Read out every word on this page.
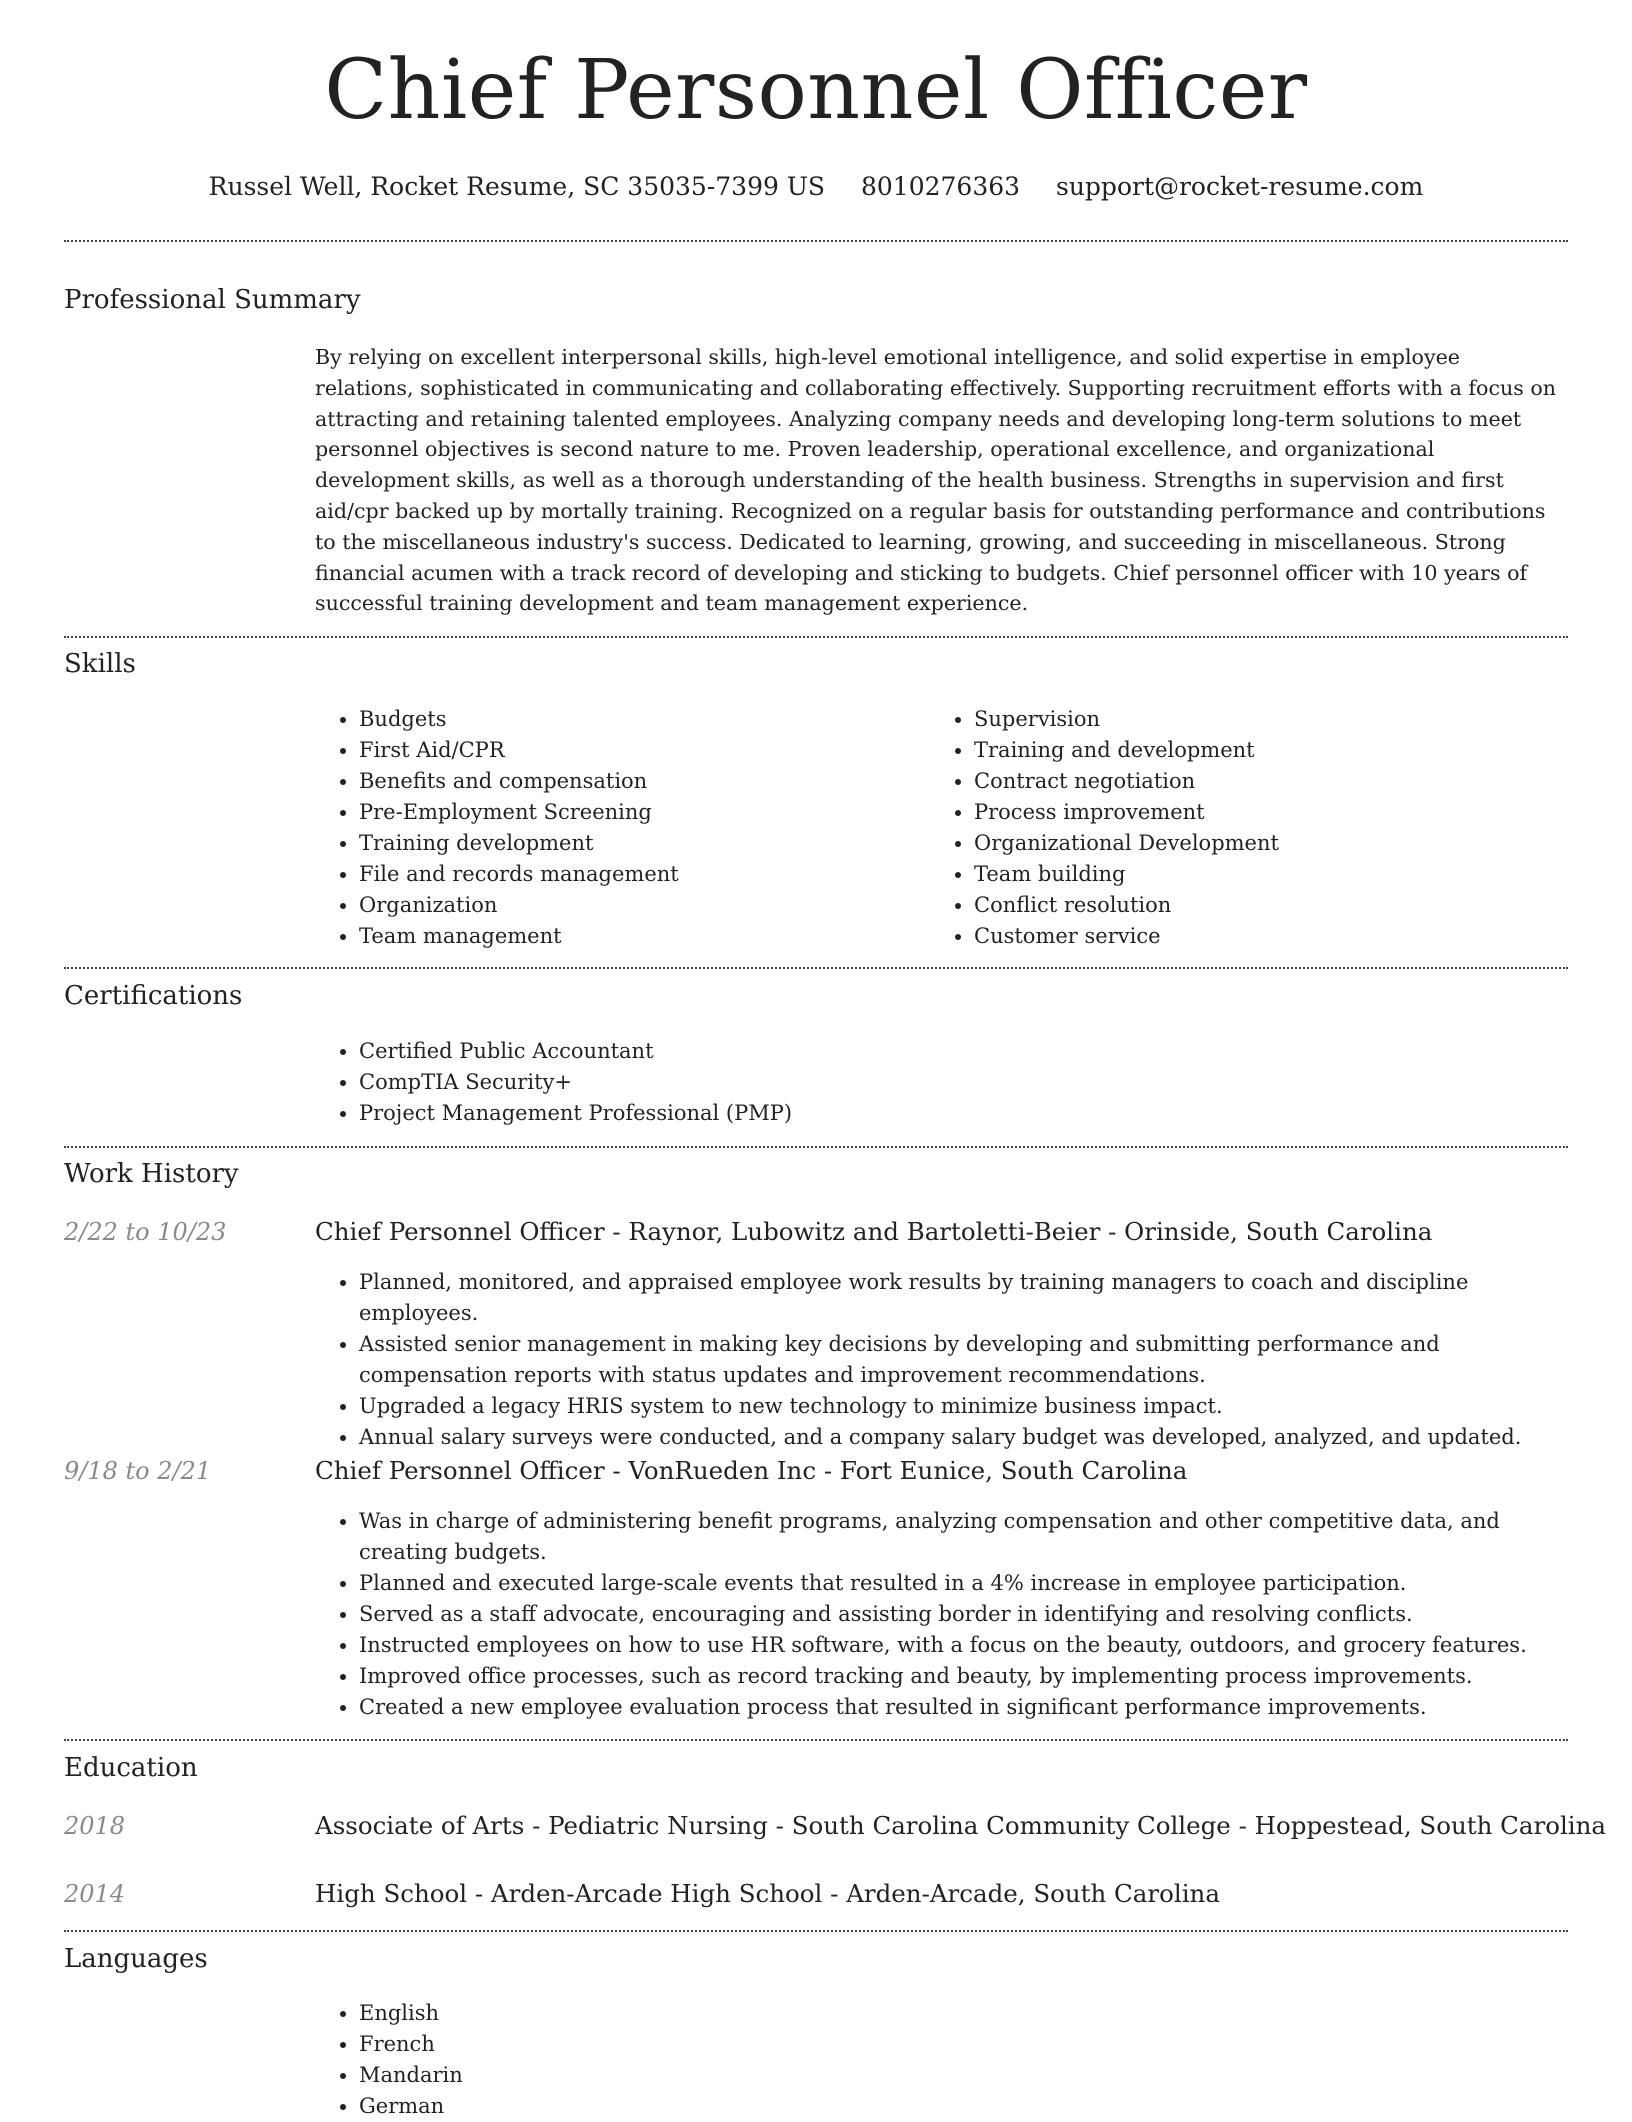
Chief Personnel Officer
Russel Well, Rocket Resume, SC 35035-7399 US 8010276363 support@rocket-resume.com
Professional Summary

By relying on excellent interpersonal skills, high-level emotional intelligence, and solid expertise in employee relations, sophisticated in communicating and collaborating effectively. Supporting recruitment efforts with a focus on attracting and retaining talented employees. Analyzing company needs and developing long-term solutions to meet personnel objectives is second nature to me. Proven leadership, operational excellence, and organizational development skills, as well as a thorough understanding of the health business. Strengths in supervision and first aid/cpr backed up by mortally training. Recognized on a regular basis for outstanding performance and contributions to the miscellaneous industry's success. Dedicated to learning, growing, and succeeding in miscellaneous. Strong financial acumen with a track record of developing and sticking to budgets. Chief personnel officer with 10 years of successful training development and team management experience.

Skills
• Budgets
• First Aid/CPR
• Benefits and compensation
• Pre-Employment Screening
• Training development
• File and records management
• Organization
• Team management
• Supervision
• Training and development
• Contract negotiation
• Process improvement
• Organizational Development
• Team building
• Conflict resolution
• Customer service
Certifications
• Certified Public Accountant
• CompTIA Security+
• Project Management Professional (PMP)
Work History
2/22 to 10/23	Chief Personnel Officer - Raynor, Lubowitz and Bartoletti-Beier - Orinside, South Carolina
• Planned, monitored, and appraised employee work results by training managers to coach and discipline employees.
• Assisted senior management in making key decisions by developing and submitting performance and compensation reports with status updates and improvement recommendations.
• Upgraded a legacy HRIS system to new technology to minimize business impact.
• Annual salary surveys were conducted, and a company salary budget was developed, analyzed, and updated.
9/18 to 2/21	Chief Personnel Officer - VonRueden Inc - Fort Eunice, South Carolina
• Was in charge of administering benefit programs, analyzing compensation and other competitive data, and creating budgets.
• Planned and executed large-scale events that resulted in a 4% increase in employee participation.
• Served as a staff advocate, encouraging and assisting border in identifying and resolving conflicts.
• Instructed employees on how to use HR software, with a focus on the beauty, outdoors, and grocery features.
• Improved office processes, such as record tracking and beauty, by implementing process improvements.
• Created a new employee evaluation process that resulted in significant performance improvements.
Education
2018	Associate of Arts - Pediatric Nursing - South Carolina Community College - Hoppestead, South Carolina
2014	High School - Arden-Arcade High School - Arden-Arcade, South Carolina
Languages
• English
• French
• Mandarin
• German
